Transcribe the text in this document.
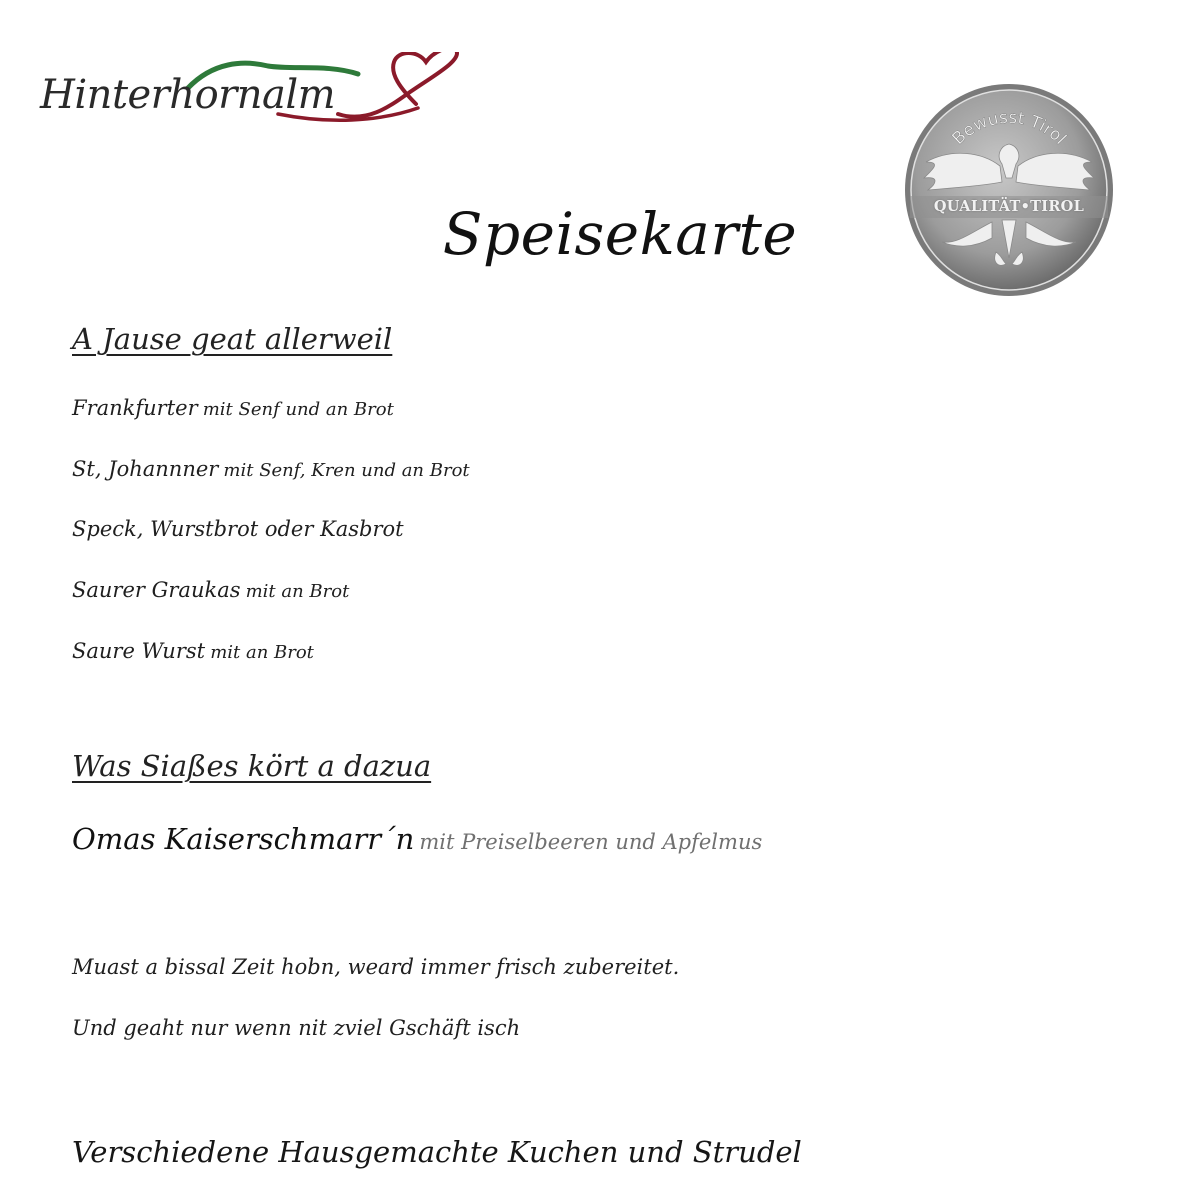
Hinterhornalm
Bewusst Tirol
QUALITÄT•TIROL
Speisekarte
A Jause geat allerweil
Frankfurter mit Senf und an Brot
St, Johannner mit Senf, Kren und an Brot
Speck, Wurstbrot oder Kasbrot
Saurer Graukas mit an Brot
Saure Wurst mit an Brot
Was Siaßes kört a dazua
Omas Kaiserschmarr´n mit Preiselbeeren und Apfelmus
Muast a bissal Zeit hobn, weard immer frisch zubereitet.
Und geaht nur wenn nit zviel Gschäft isch
Verschiedene Hausgemachte Kuchen und Strudel
